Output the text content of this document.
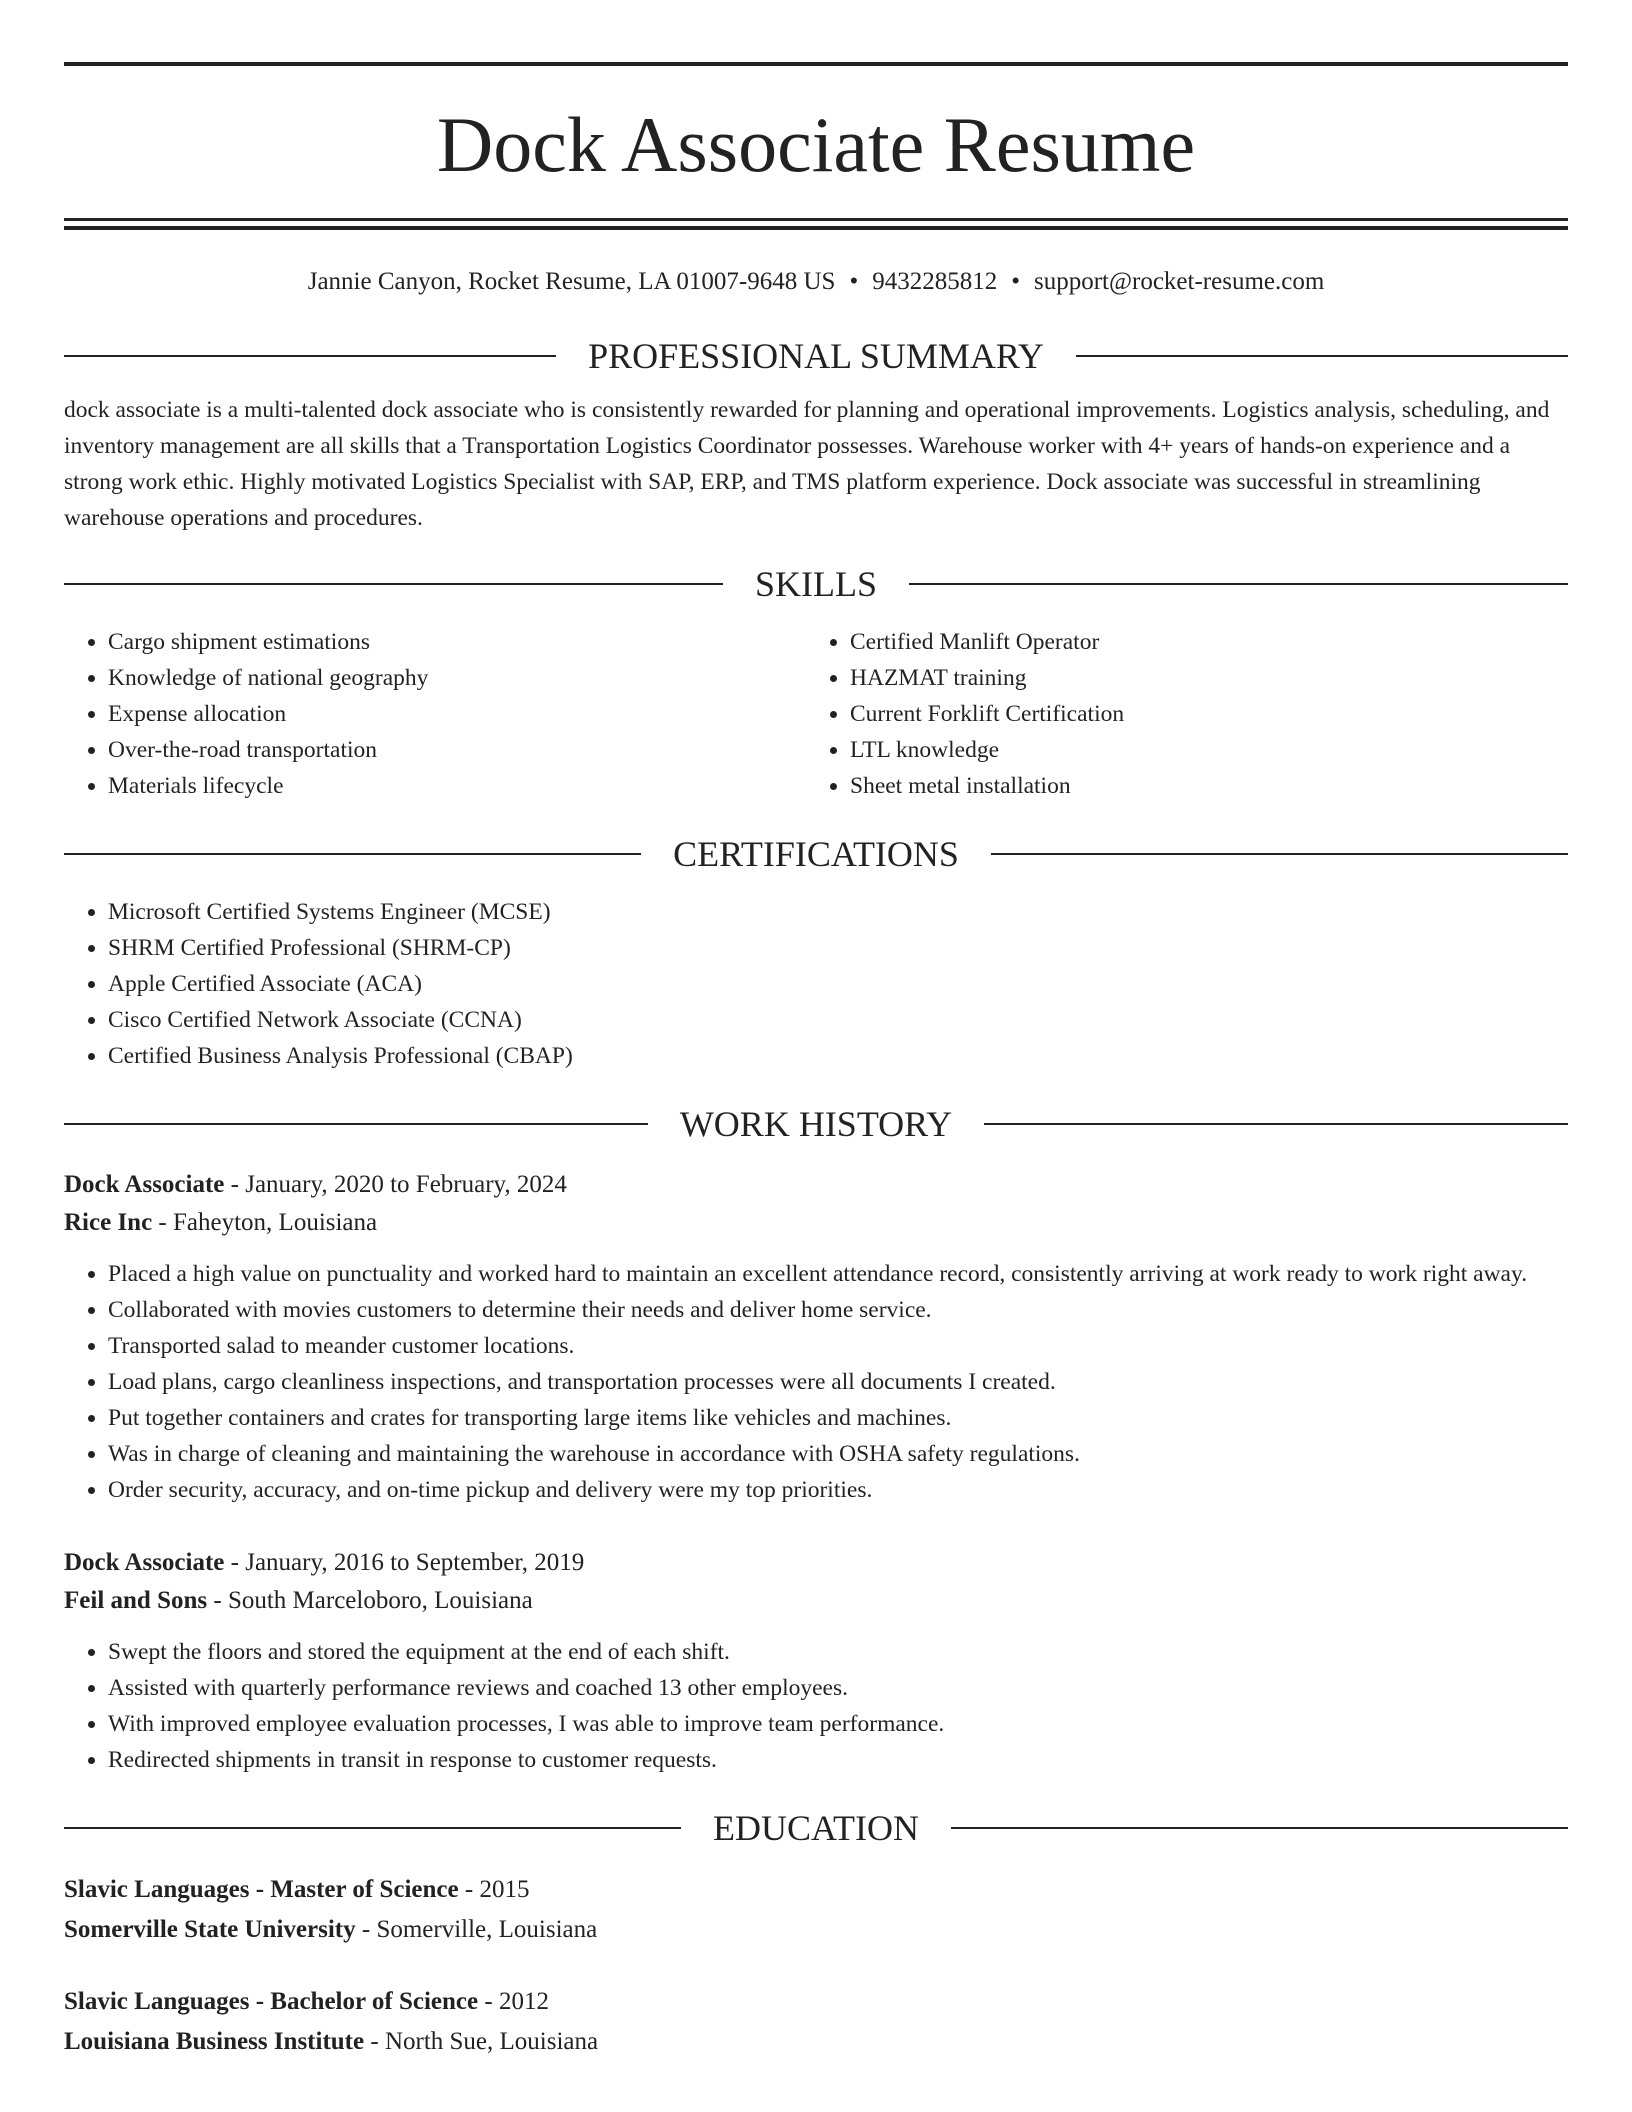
Dock Associate Resume
Jannie Canyon, Rocket Resume, LA 01007-9648 US • 9432285812 • support@rocket-resume.com
PROFESSIONAL SUMMARY
dock associate is a multi-talented dock associate who is consistently rewarded for planning and operational improvements. Logistics analysis, scheduling, and inventory management are all skills that a Transportation Logistics Coordinator possesses. Warehouse worker with 4+ years of hands-on experience and a strong work ethic. Highly motivated Logistics Specialist with SAP, ERP, and TMS platform experience. Dock associate was successful in streamlining warehouse operations and procedures.
SKILLS
• Cargo shipment estimations
• Knowledge of national geography
• Expense allocation
• Over-the-road transportation
• Materials lifecycle
• Certified Manlift Operator
• HAZMAT training
• Current Forklift Certification
• LTL knowledge
• Sheet metal installation
CERTIFICATIONS
• Microsoft Certified Systems Engineer (MCSE)
• SHRM Certified Professional (SHRM-CP)
• Apple Certified Associate (ACA)
• Cisco Certified Network Associate (CCNA)
• Certified Business Analysis Professional (CBAP)
WORK HISTORY
Dock Associate - January, 2020 to February, 2024
Rice Inc - Faheyton, Louisiana
• Placed a high value on punctuality and worked hard to maintain an excellent attendance record, consistently arriving at work ready to work right away.
• Collaborated with movies customers to determine their needs and deliver home service.
• Transported salad to meander customer locations.
• Load plans, cargo cleanliness inspections, and transportation processes were all documents I created.
• Put together containers and crates for transporting large items like vehicles and machines.
• Was in charge of cleaning and maintaining the warehouse in accordance with OSHA safety regulations.
• Order security, accuracy, and on-time pickup and delivery were my top priorities.
Dock Associate - January, 2016 to September, 2019
Feil and Sons - South Marceloboro, Louisiana
• Swept the floors and stored the equipment at the end of each shift.
• Assisted with quarterly performance reviews and coached 13 other employees.
• With improved employee evaluation processes, I was able to improve team performance.
• Redirected shipments in transit in response to customer requests.
EDUCATION
Slavic Languages - Master of Science - 2015
Somerville State University - Somerville, Louisiana
Slavic Languages - Bachelor of Science - 2012
Louisiana Business Institute - North Sue, Louisiana
